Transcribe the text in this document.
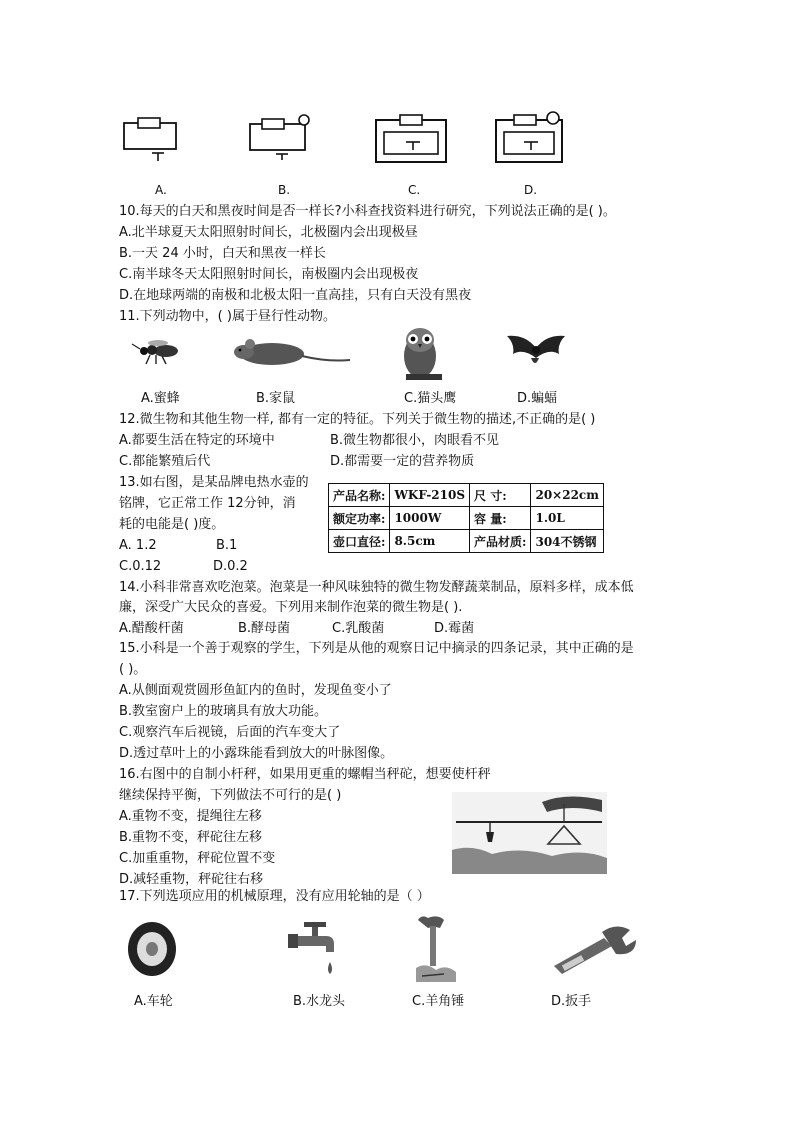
A.	B.	C.	D.
10.每天的白天和黑夜时间是否一样长?小科查找资料进行研究，下列说法正确的是( )。
A.北半球夏天太阳照射时间长，北极圈内会出现极昼
B.一天 24 小时，白天和黑夜一样长
C.南半球冬天太阳照射时间长，南极圈内会出现极夜
D.在地球两端的南极和北极太阳一直高挂，只有白天没有黑夜
11.下列动物中，( )属于昼行性动物。
A.蜜蜂	B.家鼠	C.猫头鹰	D.蝙蝠
12.微生物和其他生物一样, 都有一定的特征。下列关于微生物的描述,不正确的是( )
A.都要生活在特定的环境中	B.微生物都很小，肉眼看不见
C.都能繁殖后代	D.都需要一定的营养物质
13.如右图，是某品牌电热水壶的
铭牌，它正常工作 12分钟，消
耗的电能是( )度。
A. 1.2	B.1
C.0.12	D.0.2
产品名称:	WKF-210S	尺 寸:	20×22cm
额定功率:	1000W	容 量:	1.0L
壶口直径:	8.5cm	产品材质:	304不锈钢
14.小科非常喜欢吃泡菜。泡菜是一种风味独特的微生物发酵蔬菜制品，原料多样，成本低
廉，深受广大民众的喜爱。下列用来制作泡菜的微生物是( ).
A.醋酸杆菌	B.酵母菌	C.乳酸菌	D.霉菌
15.小科是一个善于观察的学生，下列是从他的观察日记中摘录的四条记录，其中正确的是
( )。
A.从侧面观赏圆形鱼缸内的鱼时，发现鱼变小了
B.教室窗户上的玻璃具有放大功能。
C.观察汽车后视镜，后面的汽车变大了
D.透过草叶上的小露珠能看到放大的叶脉图像。
16.右图中的自制小杆秤，如果用更重的螺帽当秤砣，想要使杆秤
继续保持平衡，下列做法不可行的是( )
A.重物不变，提绳往左移
B.重物不变，秤砣往左移
C.加重重物，秤砣位置不变
D.减轻重物，秤砣往右移
17.下列选项应用的机械原理，没有应用轮轴的是（ ）
A.车轮	B.水龙头	C.羊角锤	D.扳手
